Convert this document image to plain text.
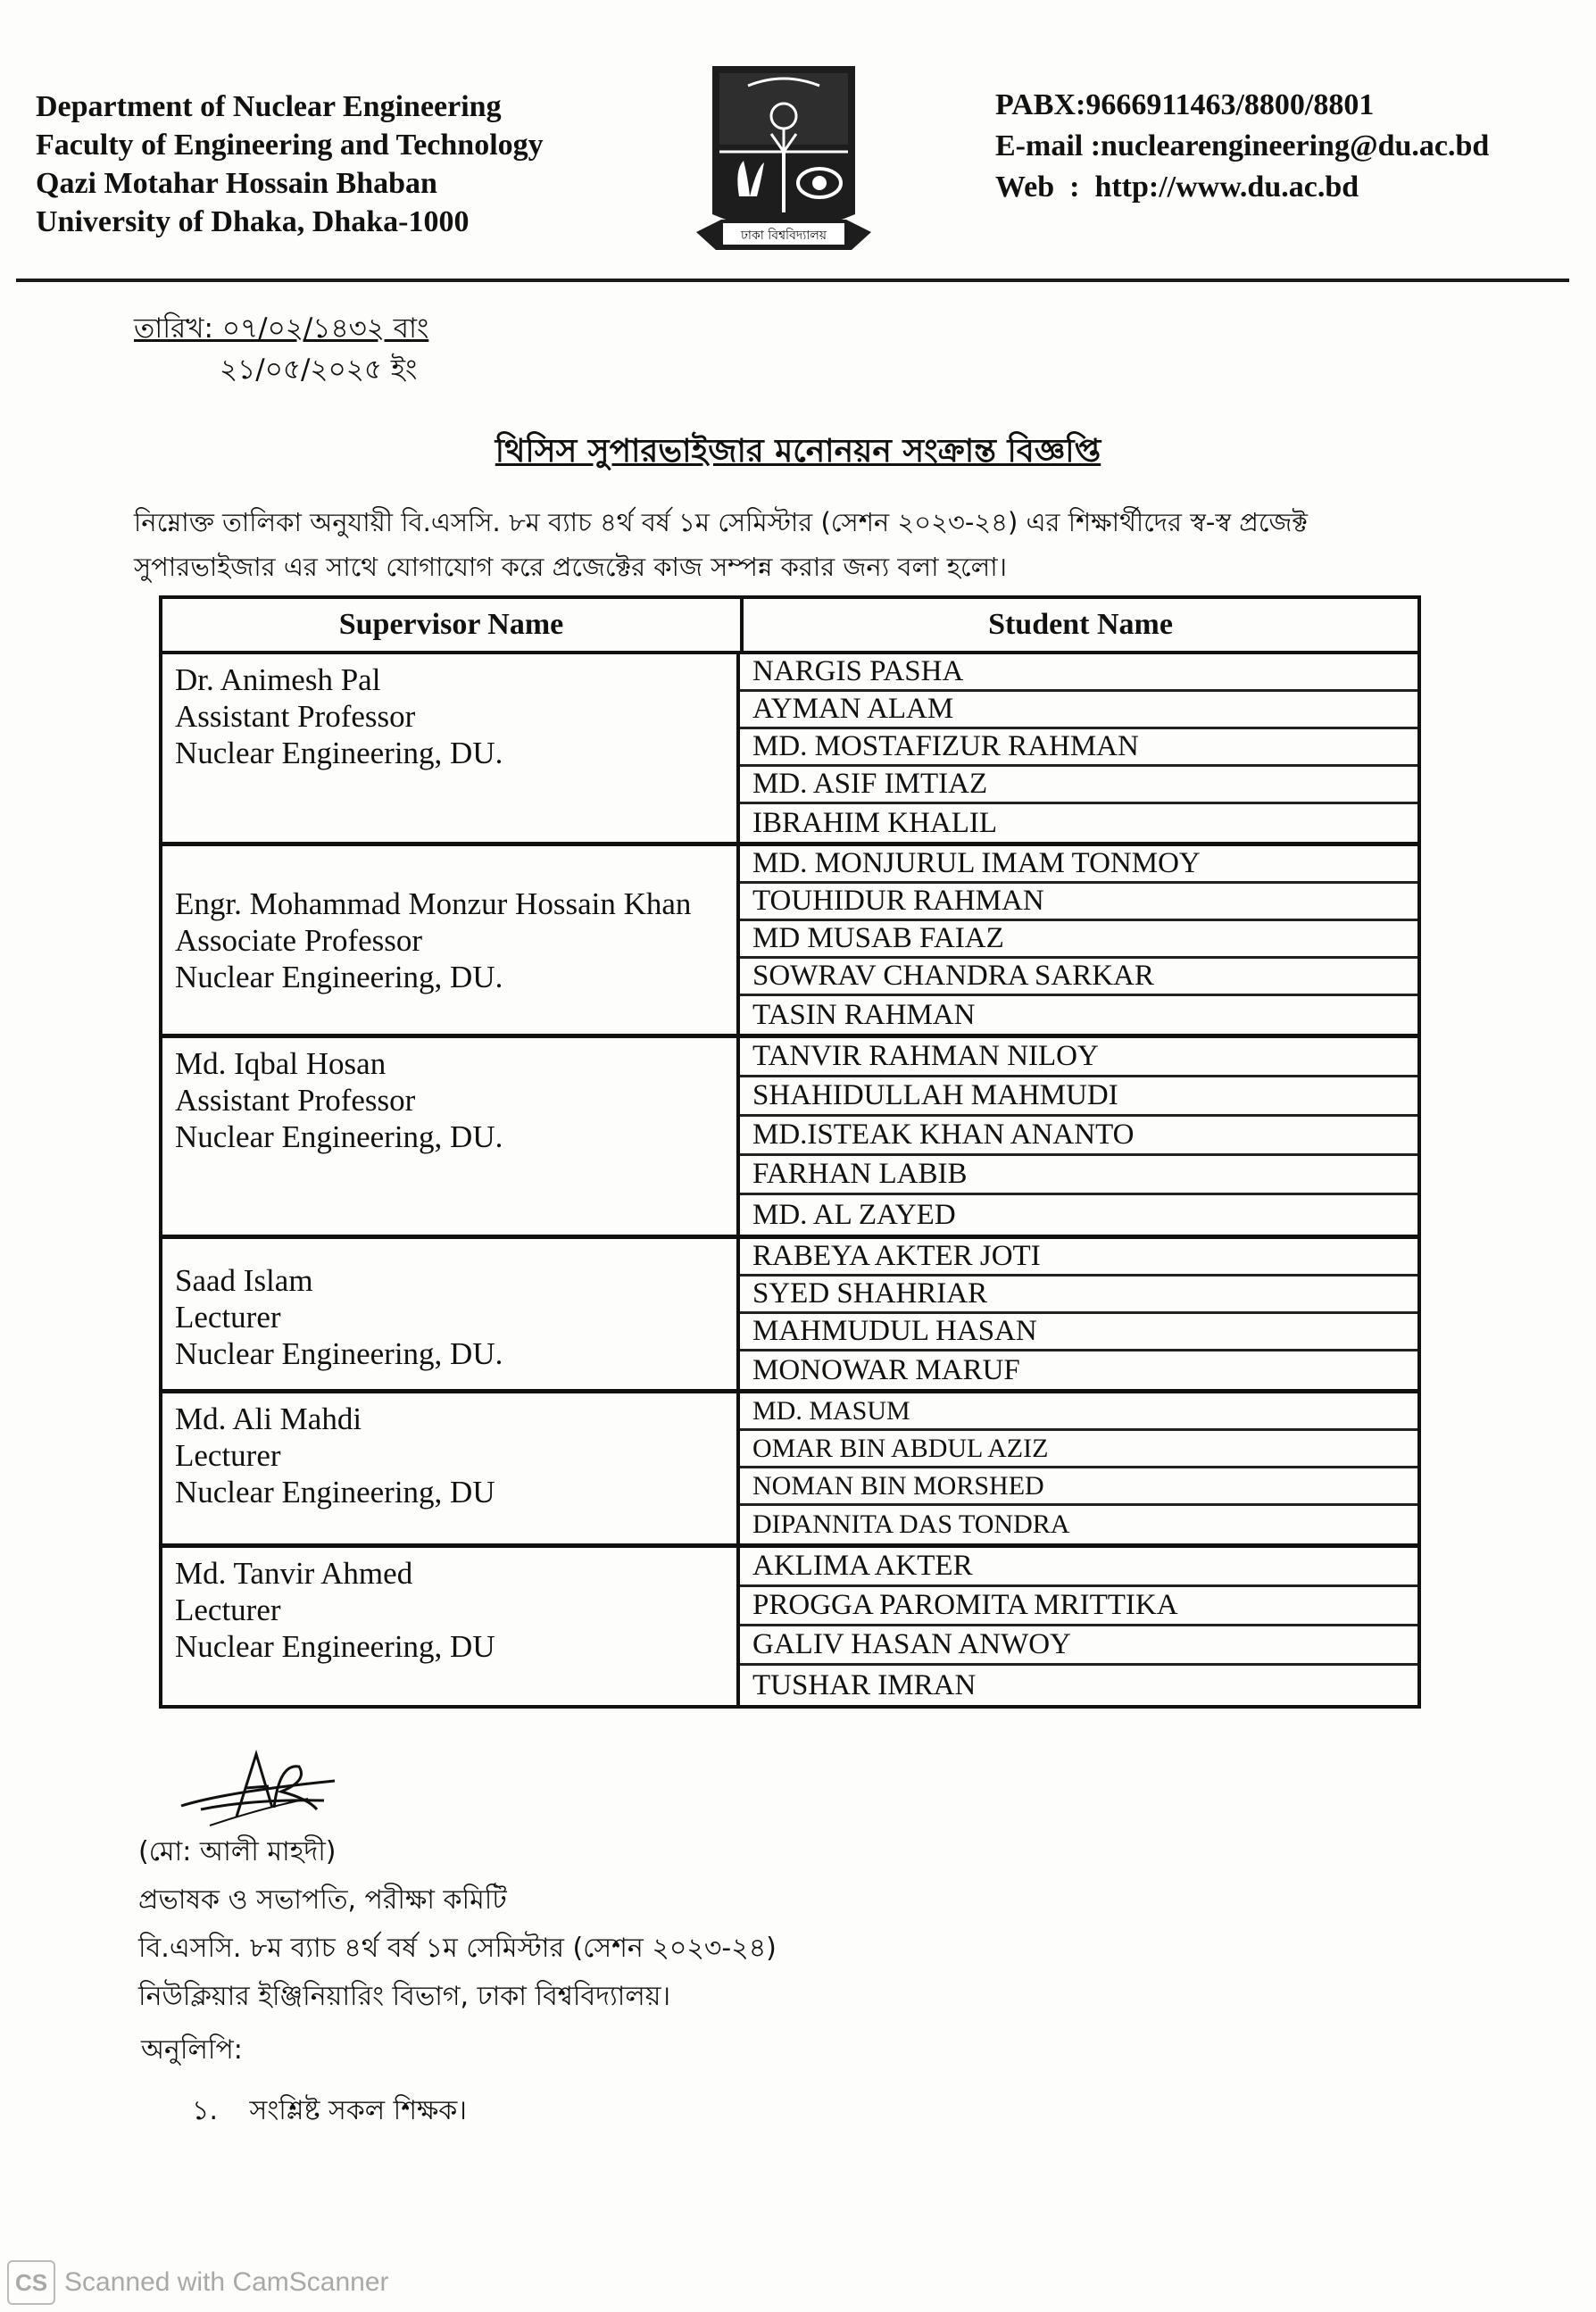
Department of Nuclear Engineering
Faculty of Engineering and Technology
Qazi Motahar Hossain Bhaban
University of Dhaka, Dhaka-1000	ঢাকা বিশ্ববিদ্যালয়
PABX: 9666911463/8800/8801
E-mail : nuclearengineering@du.ac.bd
Web  : http://www.du.ac.bd
তারিখ: ০৭/০২/১৪৩২ বাং
২১/০৫/২০২৫ ইং
থিসিস সুপারভাইজার মনোনয়ন সংক্রান্ত বিজ্ঞপ্তি
নিম্নোক্ত তালিকা অনুযায়ী বি.এসসি. ৮ম ব্যাচ ৪র্থ বর্ষ ১ম সেমিস্টার (সেশন ২০২৩-২৪) এর শিক্ষার্থীদের স্ব-স্ব প্রজেক্ট সুপারভাইজার এর সাথে যোগাযোগ করে প্রজেক্টের কাজ সম্পন্ন করার জন্য বলা হলো।
Supervisor Name	Student Name
Dr. Animesh Pal
Assistant Professor
Nuclear Engineering, DU.
NARGIS PASHA
AYMAN ALAM
MD. MOSTAFIZUR RAHMAN
MD. ASIF IMTIAZ
IBRAHIM KHALIL
Engr. Mohammad Monzur Hossain Khan
Associate Professor
Nuclear Engineering, DU.
MD. MONJURUL IMAM TONMOY
TOUHIDUR RAHMAN
MD MUSAB FAIAZ
SOWRAV CHANDRA SARKAR
TASIN RAHMAN
Md. Iqbal Hosan
Assistant Professor
Nuclear Engineering, DU.
TANVIR RAHMAN NILOY
SHAHIDULLAH MAHMUDI
MD.ISTEAK KHAN ANANTO
FARHAN LABIB
MD. AL ZAYED
Saad Islam
Lecturer
Nuclear Engineering, DU.
RABEYA AKTER JOTI
SYED SHAHRIAR
MAHMUDUL HASAN
MONOWAR MARUF
Md. Ali Mahdi
Lecturer
Nuclear Engineering, DU
MD. MASUM
OMAR BIN ABDUL AZIZ
NOMAN BIN MORSHED
DIPANNITA DAS TONDRA
Md. Tanvir Ahmed
Lecturer
Nuclear Engineering, DU
AKLIMA AKTER
PROGGA PAROMITA MRITTIKA
GALIV HASAN ANWOY
TUSHAR IMRAN
(মো: আলী মাহদী)
প্রভাষক ও সভাপতি, পরীক্ষা কমিটি
বি.এসসি. ৮ম ব্যাচ ৪র্থ বর্ষ ১ম সেমিস্টার (সেশন ২০২৩-২৪)
নিউক্লিয়ার ইঞ্জিনিয়ারিং বিভাগ, ঢাকা বিশ্ববিদ্যালয়।
অনুলিপি:
১. সংশ্লিষ্ট সকল শিক্ষক।
CS Scanned with CamScanner
